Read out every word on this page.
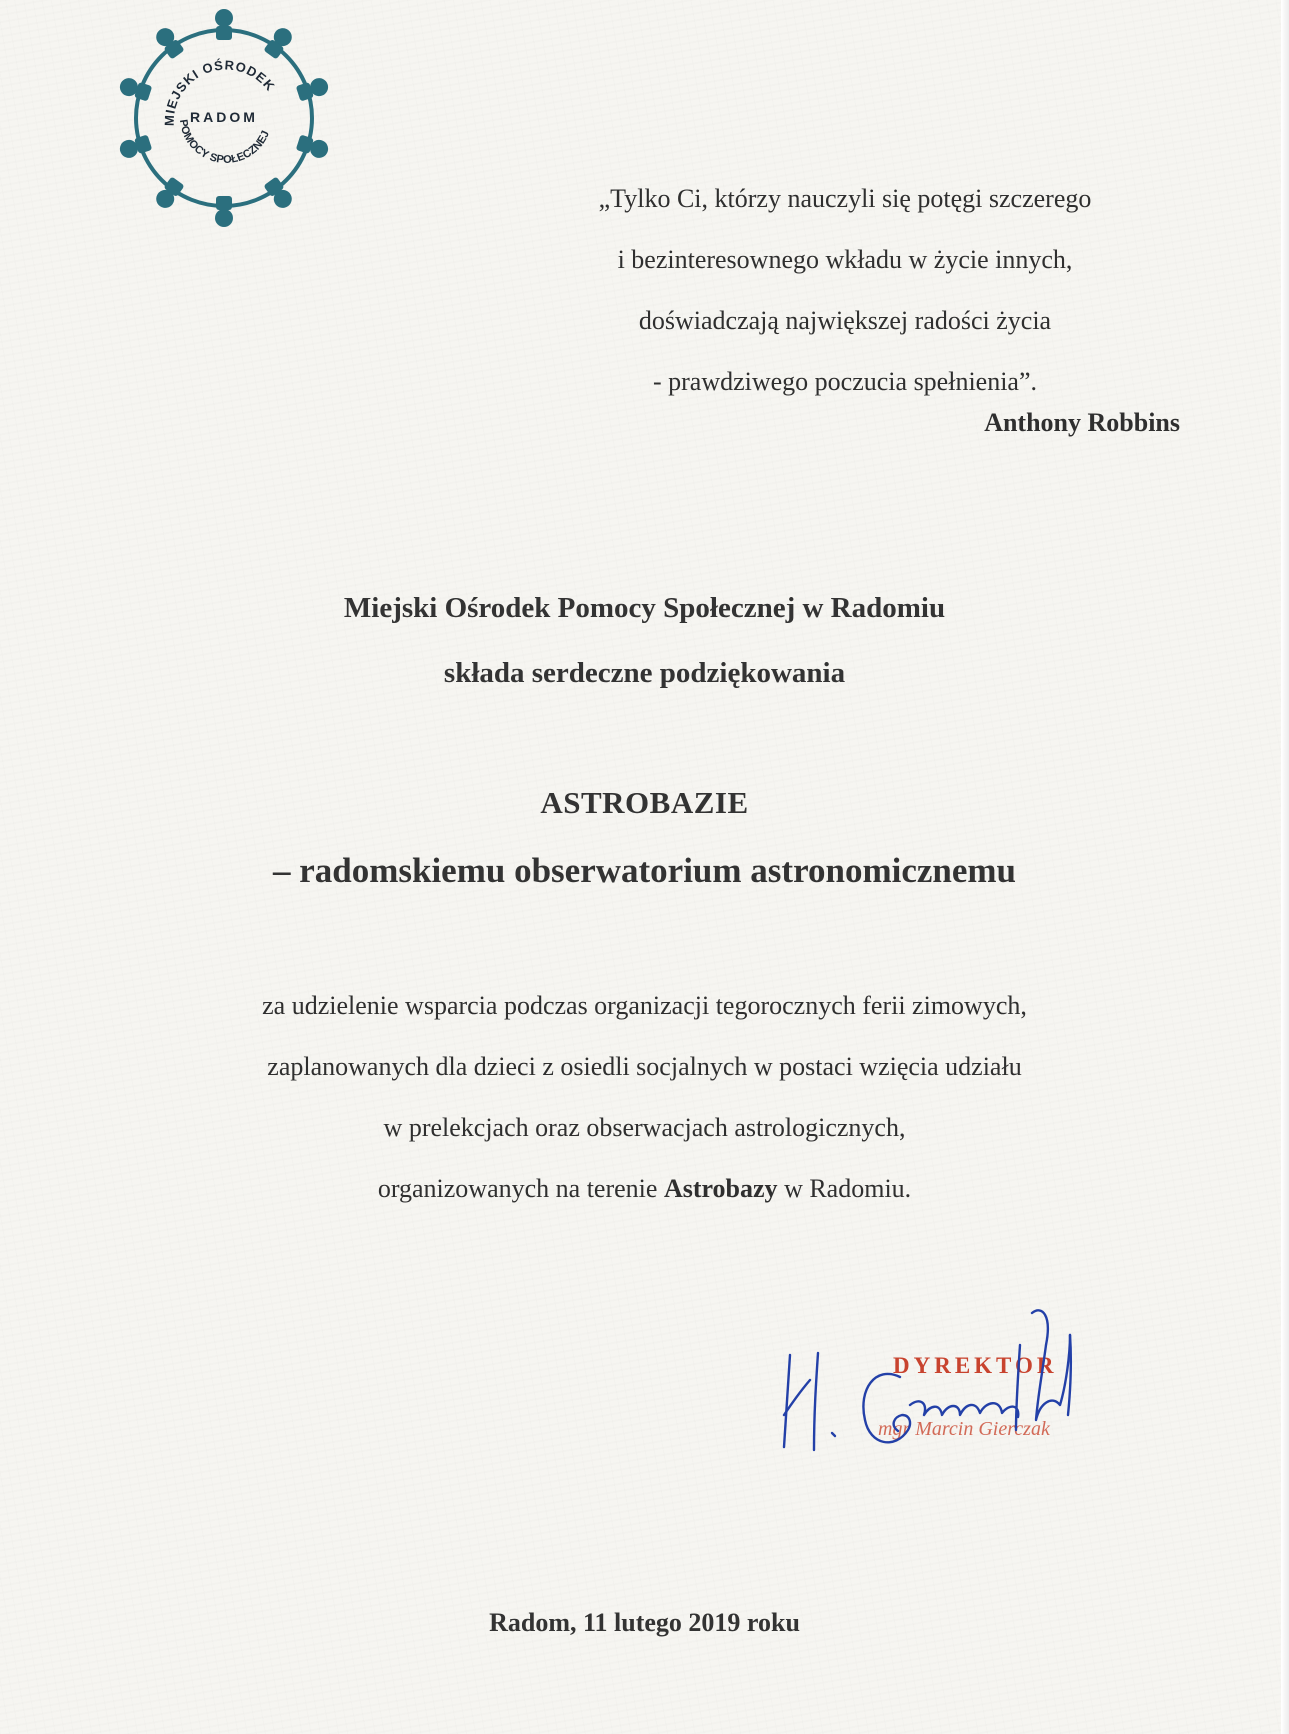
MIEJSKI OŚRODEK
RADOM
POMOCY SPOŁECZNEJ
„Tylko Ci, którzy nauczyli się potęgi szczerego
i bezinteresownego wkładu w życie innych,
doświadczają największej radości życia
- prawdziwego poczucia spełnienia”.
Anthony Robbins
Miejski Ośrodek Pomocy Społecznej w Radomiu
składa serdeczne podziękowania
ASTROBAZIE
– radomskiemu obserwatorium astronomicznemu
za udzielenie wsparcia podczas organizacji tegorocznych ferii zimowych,
zaplanowanych dla dzieci z osiedli socjalnych w postaci wzięcia udziału
w prelekcjach oraz obserwacjach astrologicznych,
organizowanych na terenie Astrobazy w Radomiu.
DYREKTOR
mgr Marcin Gierczak
Radom, 11 lutego 2019 roku
